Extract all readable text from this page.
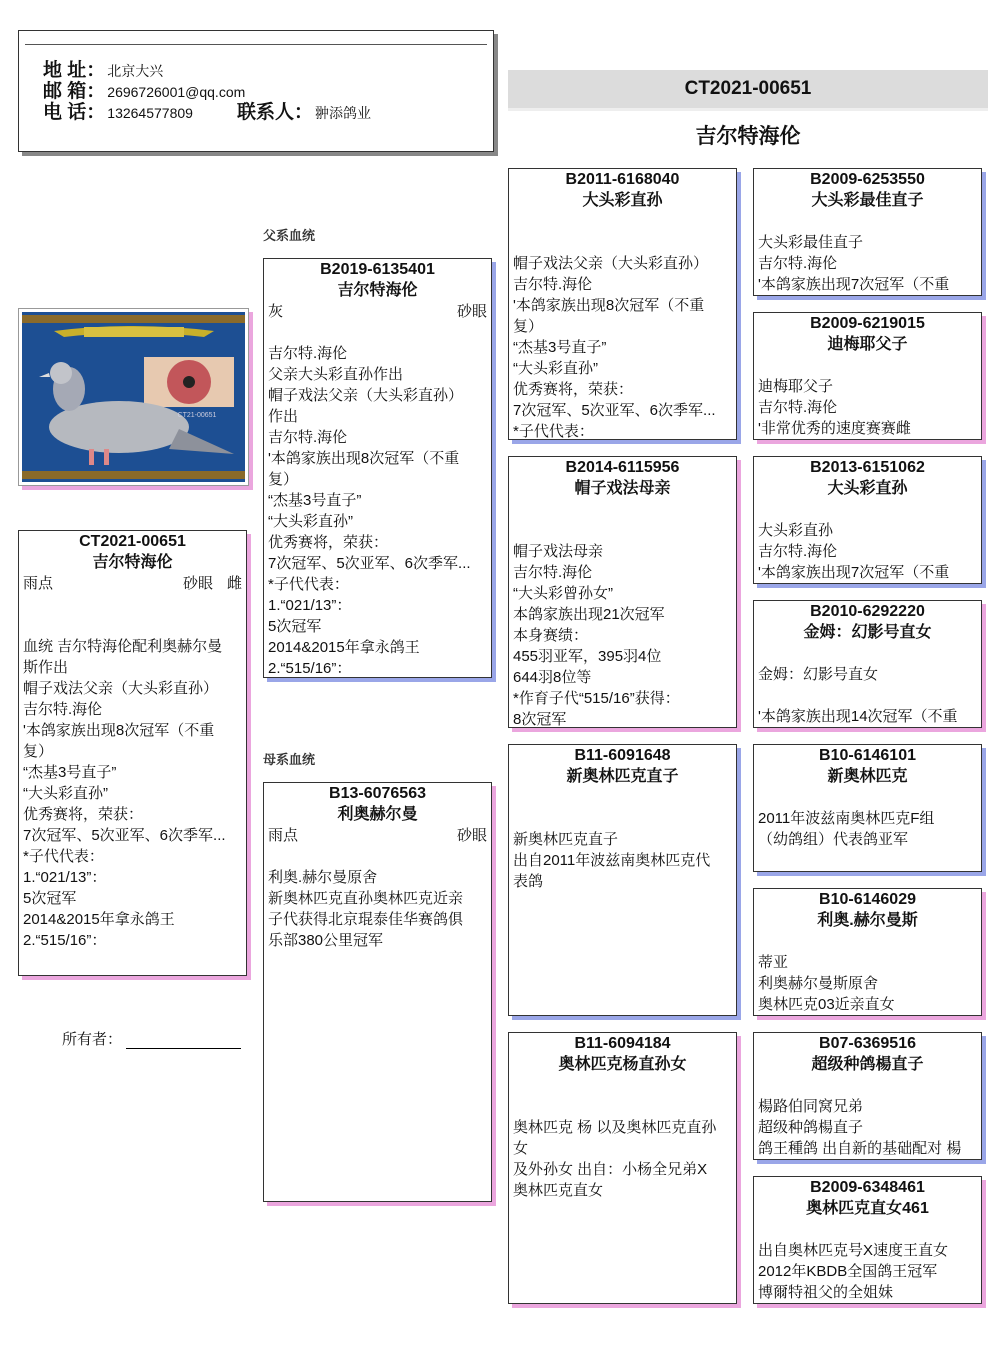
地 址： 北京大兴
邮 箱： 2696726001@qq.com
电 话： 13264577809 联系人： 翀添鸽业
CT2021-00651
吉尔特海伦
CT21-00651
父系血统
母系血统
所有者：
CT2021-00651
吉尔特海伦
雨点	砂眼 雌
血统 吉尔特海伦配利奥赫尔曼
斯作出
帽子戏法父亲（大头彩直孙）
吉尔特.海伦
'本鸽家族出现8次冠军（不重
复）
“杰基3号直子”
“大头彩直孙”
优秀赛将，荣获：
7次冠军、5次亚军、6次季军...
*子代代表：
1.“021/13”：
5次冠军
2014&2015年拿永鸽王
2.“515/16”：
B2019-6135401
吉尔特海伦
灰	砂眼
吉尔特.海伦
父亲大头彩直孙作出
帽子戏法父亲（大头彩直孙）
作出
吉尔特.海伦
'本鸽家族出现8次冠军（不重
复）
“杰基3号直子”
“大头彩直孙”
优秀赛将，荣获：
7次冠军、5次亚军、6次季军...
*子代代表：
1.“021/13”：
5次冠军
2014&2015年拿永鸽王
2.“515/16”：
B13-6076563
利奥赫尔曼
雨点	砂眼
利奥.赫尔曼原舍
新奥林匹克直孙奥林匹克近亲
子代获得北京琨泰佳华赛鸽俱
乐部380公里冠军
B2011-6168040
大头彩直孙
帽子戏法父亲（大头彩直孙）
吉尔特.海伦
'本鸽家族出现8次冠军（不重
复）
“杰基3号直子”
“大头彩直孙”
优秀赛将，荣获：
7次冠军、5次亚军、6次季军...
*子代代表：
B2014-6115956
帽子戏法母亲
帽子戏法母亲
吉尔特.海伦
“大头彩曾孙女”
本鸽家族出现21次冠军
本身赛绩：
455羽亚军，395羽4位
644羽8位等
*作育子代“515/16”获得：
8次冠军
B11-6091648
新奥林匹克直子
新奥林匹克直子
出自2011年波兹南奥林匹克代
表鸽
B11-6094184
奥林匹克杨直孙女
奥林匹克 杨 以及奥林匹克直孙
女
及外孙女 出自：小杨全兄弟X
奥林匹克直女
B2009-6253550
大头彩最佳直子
大头彩最佳直子
吉尔特.海伦
'本鸽家族出现7次冠军（不重
B2009-6219015
迪梅耶父子
迪梅耶父子
吉尔特.海伦
'非常优秀的速度赛赛雌
B2013-6151062
大头彩直孙
大头彩直孙
吉尔特.海伦
'本鸽家族出现7次冠军（不重
B2010-6292220
金姆：幻影号直女
金姆：幻影号直女
'本鸽家族出现14次冠军（不重
B10-6146101
新奥林匹克
2011年波兹南奥林匹克F组
（幼鸽组）代表鸽亚军
B10-6146029
利奥.赫尔曼斯
蒂亚
利奥赫尔曼斯原舍
奥林匹克03近亲直女
B07-6369516
超级种鸽楊直子
楊路伯同窝兄弟
超级种鸽楊直子
鸽王種鸽 出自新的基础配对 楊
B2009-6348461
奥林匹克直女461
出自奥林匹克号X速度王直女
2012年KBDB全国鸽王冠军
博爾特祖父的全姐妹
